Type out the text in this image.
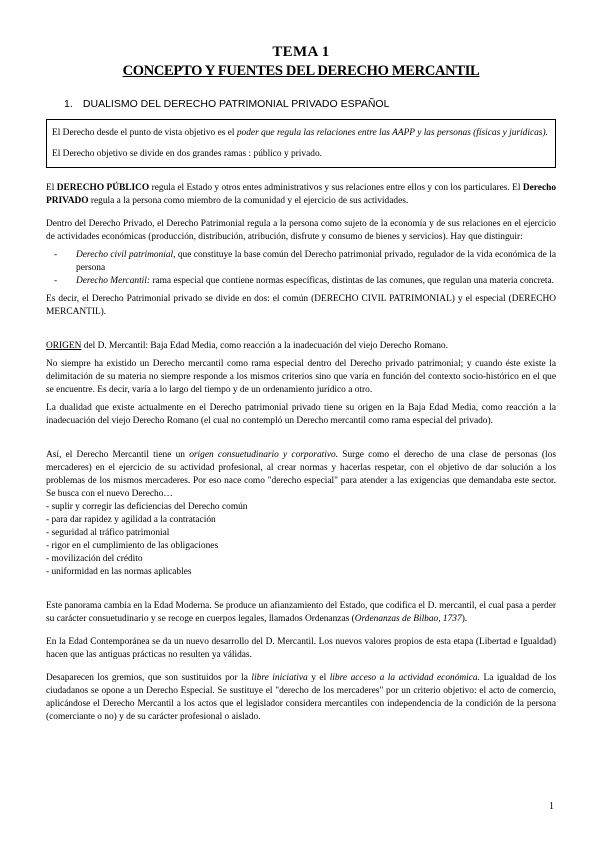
TEMA 1

CONCEPTO Y FUENTES DEL DERECHO MERCANTIL

1. DUALISMO DEL DERECHO PATRIMONIAL PRIVADO ESPAÑOL

El Derecho desde el punto de vista objetivo es el poder que regula las relaciones entre las AAPP y las personas (físicas y jurídicas).

El Derecho objetivo se divide en dos grandes ramas : público y privado.

El DERECHO PÚBLICO regula el Estado y otros entes administrativos y sus relaciones entre ellos y con los particulares. El Derecho PRIVADO regula a la persona como miembro de la comunidad y el ejercicio de sus actividades.

Dentro del Derecho Privado, el Derecho Patrimonial regula a la persona como sujeto de la economía y de sus relaciones en el ejercicio de actividades económicas (producción, distribución, atribución, disfrute y consumo de bienes y servicios). Hay que distinguir:

- Derecho civil patrimonial, que constituye la base común del Derecho patrimonial privado, regulador de la vida económica de la persona
- Derecho Mercantil: rama especial que contiene normas específicas, distintas de las comunes, que regulan una materia concreta.

Es decir, el Derecho Patrimonial privado se divide en dos: el común (DERECHO CIVIL PATRIMONIAL) y el especial (DERECHO MERCANTIL).

ORIGEN del D. Mercantil: Baja Edad Media, como reacción a la inadecuación del viejo Derecho Romano.

No siempre ha existido un Derecho mercantil como rama especial dentro del Derecho privado patrimonial; y cuando éste existe la delimitación de su materia no siempre responde a los mismos criterios sino que varía en función del contexto socio-histórico en el que se encuentre. Es decir, varía a lo largo del tiempo y de un ordenamiento jurídico a otro.

La dualidad que existe actualmente en el Derecho patrimonial privado tiene su origen en la Baja Edad Media, como reacción a la inadecuación del viejo Derecho Romano (el cual no contempló un Derecho mercantil como rama especial del privado).

Así, el Derecho Mercantil tiene un origen consuetudinario y corporativo. Surge como el derecho de una clase de personas (los mercaderes) en el ejercicio de su actividad profesional, al crear normas y hacerlas respetar, con el objetivo de dar solución a los problemas de los mismos mercaderes. Por eso nace como "derecho especial" para atender a las exigencias que demandaba este sector. Se busca con el nuevo Derecho…

- suplir y corregir las deficiencias del Derecho común
- para dar rapidez y agilidad a la contratación
- seguridad al tráfico patrimonial
- rigor en el cumplimiento de las obligaciones
- movilización del crédito
- uniformidad en las normas aplicables

Este panorama cambia en la Edad Moderna. Se produce un afianzamiento del Estado, que codifica el D. mercantil, el cual pasa a perder su carácter consuetudinario y se recoge en cuerpos legales, llamados Ordenanzas (Ordenanzas de Bilbao, 1737).

En la Edad Contemporánea se da un nuevo desarrollo del D. Mercantil. Los nuevos valores propios de esta etapa (Libertad e Igualdad) hacen que las antiguas prácticas no resulten ya válidas.

Desaparecen los gremios, que son sustituidos por la libre iniciativa y el libre acceso a la actividad económica. La igualdad de los ciudadanos se opone a un Derecho Especial. Se sustituye el "derecho de los mercaderes" por un criterio objetivo: el acto de comercio, aplicándose el Derecho Mercantil a los actos que el legislador considera mercantiles con independencia de la condición de la persona (comerciante o no) y de su carácter profesional o aislado.

1
